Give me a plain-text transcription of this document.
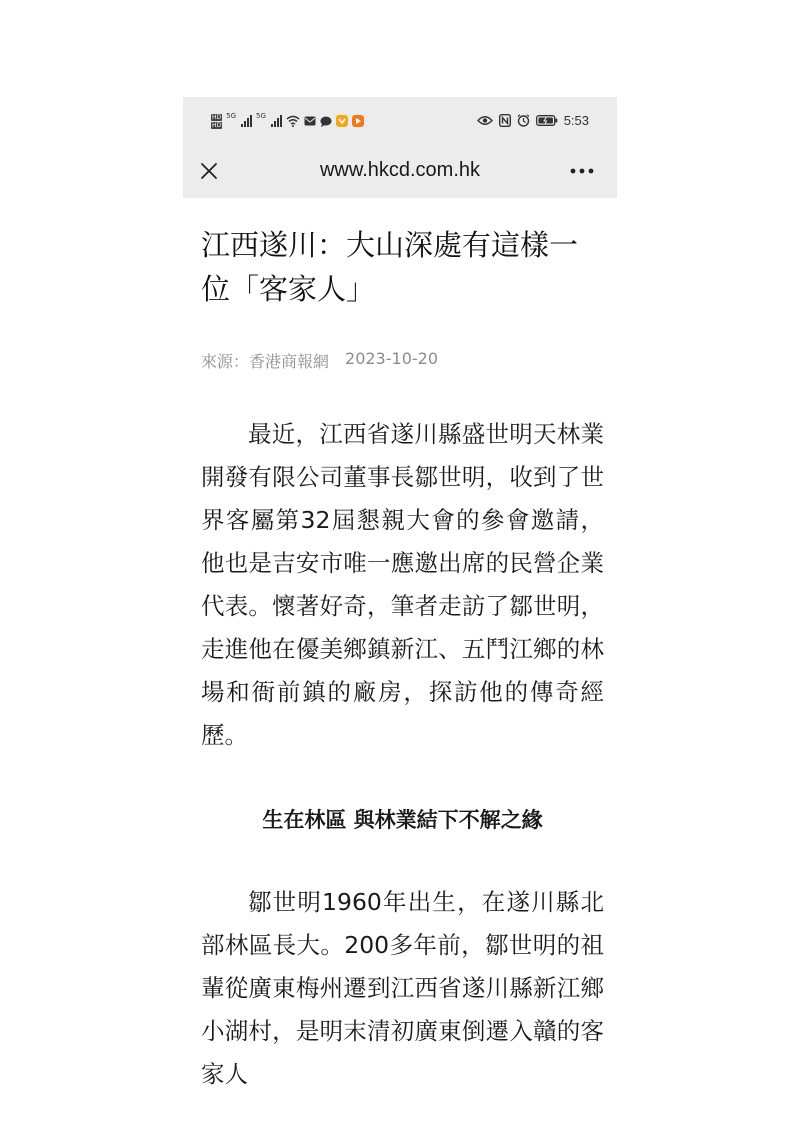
HD
HD
5G	5G	5:53
www.hkcd.com.hk
江西遂川：大山深處有這樣一位「客家人」
來源：香港商報網 2023-10-20

最近，江西省遂川縣盛世明天林業開發有限公司董事長鄒世明，收到了世界客屬第32屆懇親大會的參會邀請，他也是吉安市唯一應邀出席的民營企業代表。懷著好奇，筆者走訪了鄒世明，走進他在優美鄉鎮新江、五鬥江鄉的林場和衙前鎮的廠房，探訪他的傳奇經歷。

生在林區 與林業結下不解之緣

鄒世明1960年出生，在遂川縣北部林區長大。200多年前，鄒世明的祖輩從廣東梅州遷到江西省遂川縣新江鄉小湖村，是明末清初廣東倒遷入贛的客家人
